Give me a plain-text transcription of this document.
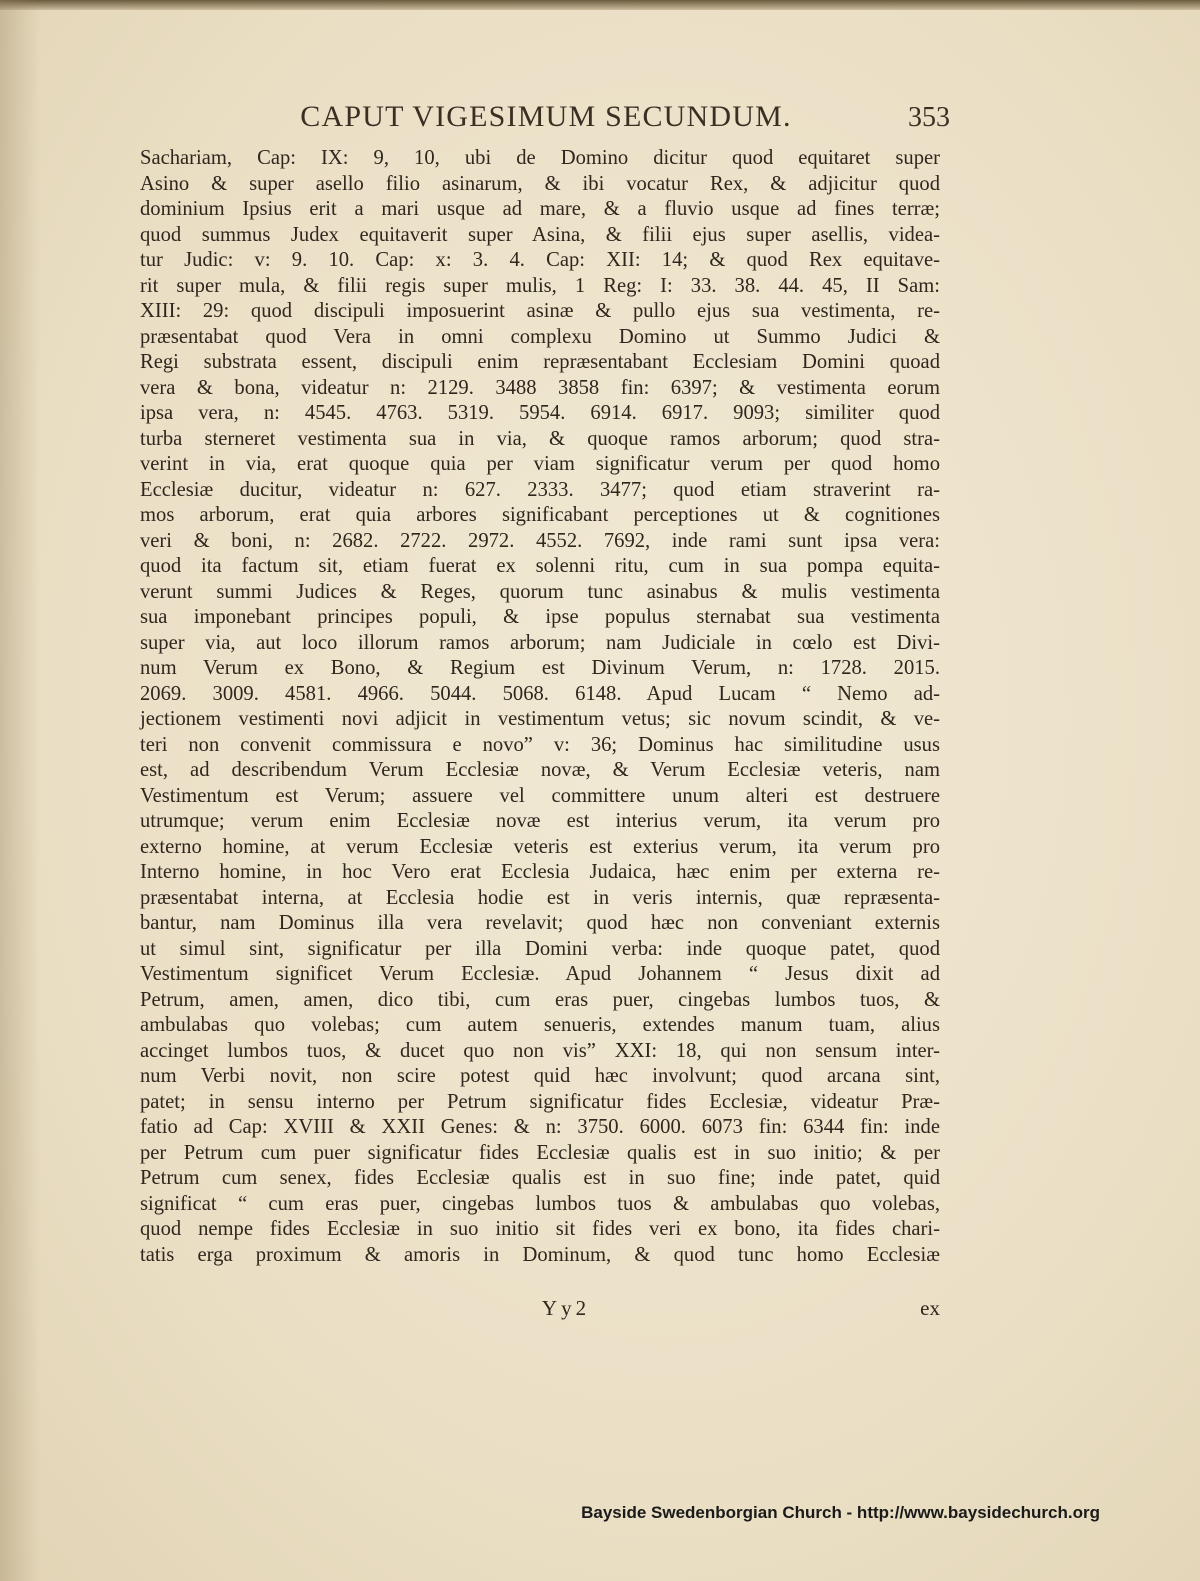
CAPUT VIGESIMUM SECUNDUM.	353
Sachariam, Cap: IX: 9, 10, ubi de Domino dicitur quod equitaret super
Asino & super asello filio asinarum, & ibi vocatur Rex, & adjicitur quod
dominium Ipsius erit a mari usque ad mare, & a fluvio usque ad fines terræ;
quod summus Judex equitaverit super Asina, & filii ejus super asellis, videa-
tur Judic: v: 9. 10. Cap: x: 3. 4. Cap: XII: 14; & quod Rex equitave-
rit super mula, & filii regis super mulis, 1 Reg: I: 33. 38. 44. 45, II Sam:
XIII: 29: quod discipuli imposuerint asinæ & pullo ejus sua vestimenta, re-
præsentabat quod Vera in omni complexu Domino ut Summo Judici &
Regi substrata essent, discipuli enim repræsentabant Ecclesiam Domini quoad
vera & bona, videatur n: 2129. 3488 3858 fin: 6397; & vestimenta eorum
ipsa vera, n: 4545. 4763. 5319. 5954. 6914. 6917. 9093; similiter quod
turba sterneret vestimenta sua in via, & quoque ramos arborum; quod stra-
verint in via, erat quoque quia per viam significatur verum per quod homo
Ecclesiæ ducitur, videatur n: 627. 2333. 3477; quod etiam straverint ra-
mos arborum, erat quia arbores significabant perceptiones ut & cognitiones
veri & boni, n: 2682. 2722. 2972. 4552. 7692, inde rami sunt ipsa vera:
quod ita factum sit, etiam fuerat ex solenni ritu, cum in sua pompa equita-
verunt summi Judices & Reges, quorum tunc asinabus & mulis vestimenta
sua imponebant principes populi, & ipse populus sternabat sua vestimenta
super via, aut loco illorum ramos arborum; nam Judiciale in cœlo est Divi-
num Verum ex Bono, & Regium est Divinum Verum, n: 1728. 2015.
2069. 3009. 4581. 4966. 5044. 5068. 6148. Apud Lucam “ Nemo ad-
jectionem vestimenti novi adjicit in vestimentum vetus; sic novum scindit, & ve-
teri non convenit commissura e novo” v: 36; Dominus hac similitudine usus
est, ad describendum Verum Ecclesiæ novæ, & Verum Ecclesiæ veteris, nam
Vestimentum est Verum; assuere vel committere unum alteri est destruere
utrumque; verum enim Ecclesiæ novæ est interius verum, ita verum pro
externo homine, at verum Ecclesiæ veteris est exterius verum, ita verum pro
Interno homine, in hoc Vero erat Ecclesia Judaica, hæc enim per externa re-
præsentabat interna, at Ecclesia hodie est in veris internis, quæ repræsenta-
bantur, nam Dominus illa vera revelavit; quod hæc non conveniant externis
ut simul sint, significatur per illa Domini verba: inde quoque patet, quod
Vestimentum significet Verum Ecclesiæ. Apud Johannem “ Jesus dixit ad
Petrum, amen, amen, dico tibi, cum eras puer, cingebas lumbos tuos, &
ambulabas quo volebas; cum autem senueris, extendes manum tuam, alius
accinget lumbos tuos, & ducet quo non vis” XXI: 18, qui non sensum inter-
num Verbi novit, non scire potest quid hæc involvunt; quod arcana sint,
patet; in sensu interno per Petrum significatur fides Ecclesiæ, videatur Præ-
fatio ad Cap: XVIII & XXII Genes: & n: 3750. 6000. 6073 fin: 6344 fin: inde
per Petrum cum puer significatur fides Ecclesiæ qualis est in suo initio; & per
Petrum cum senex, fides Ecclesiæ qualis est in suo fine; inde patet, quid
significat “ cum eras puer, cingebas lumbos tuos & ambulabas quo volebas,
quod nempe fides Ecclesiæ in suo initio sit fides veri ex bono, ita fides chari-
tatis erga proximum & amoris in Dominum, & quod tunc homo Ecclesiæ
Yy2	ex
Bayside Swedenborgian Church - http://www.baysidechurch.org
